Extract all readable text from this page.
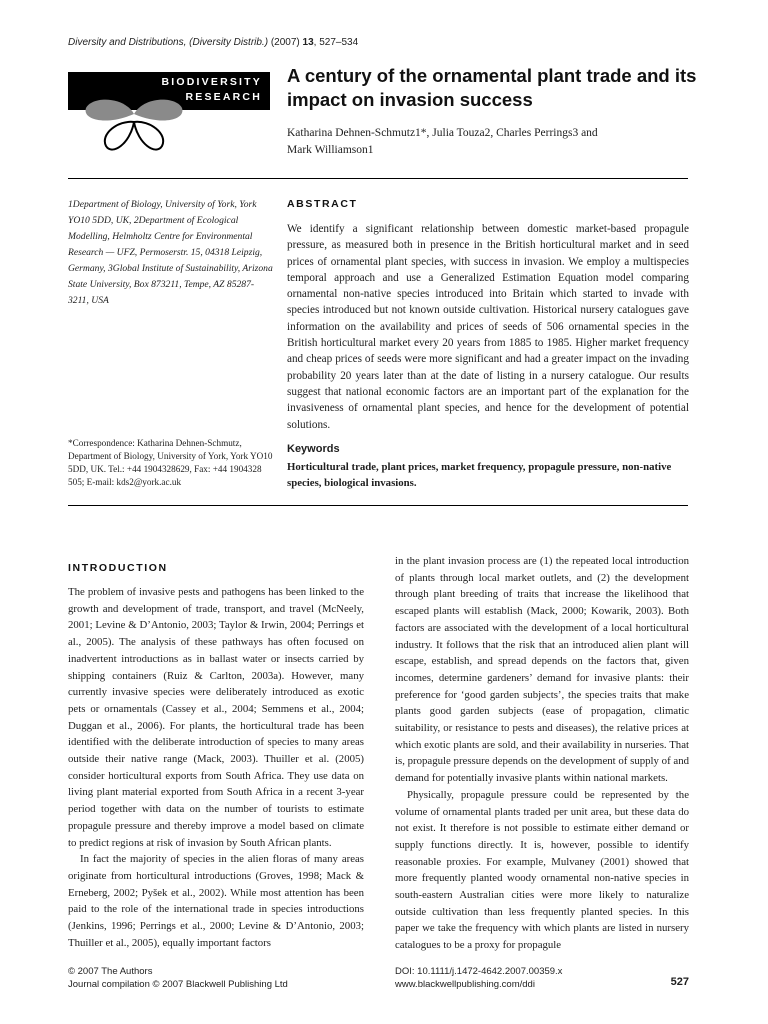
Diversity and Distributions, (Diversity Distrib.) (2007) 13, 527–534
BIODIVERSITY
RESEARCH
A century of the ornamental plant trade and its impact on invasion success
Katharina Dehnen-Schmutz1*, Julia Touza2, Charles Perrings3 and
Mark Williamson1
1Department of Biology, University of York, York YO10 5DD, UK, 2Department of Ecological Modelling, Helmholtz Centre for Environmental Research — UFZ, Permoserstr. 15, 04318 Leipzig, Germany, 3Global Institute of Sustainability, Arizona State University, Box 873211, Tempe, AZ 85287-3211, USA
*Correspondence: Katharina Dehnen-Schmutz, Department of Biology, University of York, York YO10 5DD, UK. Tel.: +44 1904328629, Fax: +44 1904328 505; E-mail: kds2@york.ac.uk
ABSTRACT
We identify a significant relationship between domestic market-based propagule pressure, as measured both in presence in the British horticultural market and in seed prices of ornamental plant species, with success in invasion. We employ a multispecies temporal approach and use a Generalized Estimation Equation model comparing ornamental non-native species introduced into Britain which started to invade with species introduced but not known outside cultivation. Historical nursery catalogues gave information on the availability and prices of seeds of 506 ornamental species in the British horticultural market every 20 years from 1885 to 1985. Higher market frequency and cheap prices of seeds were more significant and had a greater impact on the invading probability 20 years later than at the date of listing in a nursery catalogue. Our results suggest that national economic factors are an important part of the explanation for the invasiveness of ornamental plant species, and hence for the development of potential solutions.
Keywords
Horticultural trade, plant prices, market frequency, propagule pressure, non-native species, biological invasions.
INTRODUCTION

The problem of invasive pests and pathogens has been linked to the growth and development of trade, transport, and travel (McNeely, 2001; Levine & D’Antonio, 2003; Taylor & Irwin, 2004; Perrings et al., 2005). The analysis of these pathways has often focused on inadvertent introductions as in ballast water or insects carried by shipping containers (Ruiz & Carlton, 2003a). However, many currently invasive species were deliberately introduced as exotic pets or ornamentals (Cassey et al., 2004; Semmens et al., 2004; Duggan et al., 2006). For plants, the horticultural trade has been identified with the deliberate introduction of species to many areas outside their native range (Mack, 2003). Thuiller et al. (2005) consider horticultural exports from South Africa. They use data on living plant material exported from South Africa in a recent 3-year period together with data on the number of tourists to estimate propagule pressure and thereby improve a model based on climate to predict regions at risk of invasion by South African plants.

In fact the majority of species in the alien floras of many areas originate from horticultural introductions (Groves, 1998; Mack & Erneberg, 2002; Pyšek et al., 2002). While most attention has been paid to the role of the international trade in species introductions (Jenkins, 1996; Perrings et al., 2000; Levine & D’Antonio, 2003; Thuiller et al., 2005), equally important factors

in the plant invasion process are (1) the repeated local introduction of plants through local market outlets, and (2) the development through plant breeding of traits that increase the likelihood that escaped plants will establish (Mack, 2000; Kowarik, 2003). Both factors are associated with the development of a local horticultural industry. It follows that the risk that an introduced alien plant will escape, establish, and spread depends on the factors that, given incomes, determine gardeners’ demand for invasive plants: their preference for ‘good garden subjects’, the species traits that make plants good garden subjects (ease of propagation, climatic suitability, or resistance to pests and diseases), the relative prices at which exotic plants are sold, and their availability in nurseries. That is, propagule pressure depends on the development of supply of and demand for potentially invasive plants within national markets.

Physically, propagule pressure could be represented by the volume of ornamental plants traded per unit area, but these data do not exist. It therefore is not possible to estimate either demand or supply functions directly. It is, however, possible to identify reasonable proxies. For example, Mulvaney (2001) showed that more frequently planted woody ornamental non-native species in south-eastern Australian cities were more likely to naturalize outside cultivation than less frequently planted species. In this paper we take the frequency with which plants are listed in nursery catalogues to be a proxy for propagule

© 2007 The Authors
Journal compilation © 2007 Blackwell Publishing Ltd
DOI: 10.1111/j.1472-4642.2007.00359.x
www.blackwellpublishing.com/ddi	527
